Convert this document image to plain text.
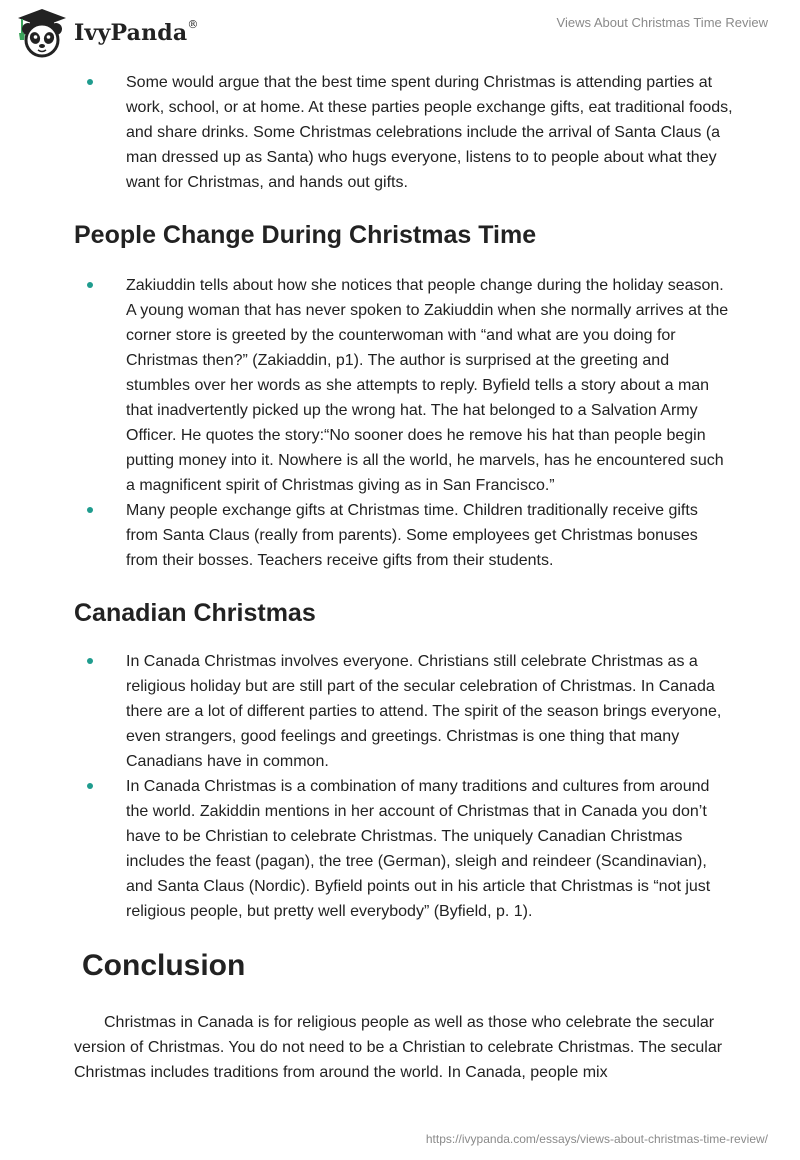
IvyPanda®	Views About Christmas Time Review
Some would argue that the best time spent during Christmas is attending parties at work, school, or at home. At these parties people exchange gifts, eat traditional foods, and share drinks. Some Christmas celebrations include the arrival of Santa Claus (a man dressed up as Santa) who hugs everyone, listens to to people about what they want for Christmas, and hands out gifts.
People Change During Christmas Time
Zakiuddin tells about how she notices that people change during the holiday season. A young woman that has never spoken to Zakiuddin when she normally arrives at the corner store is greeted by the counterwoman with “and what are you doing for Christmas then?” (Zakiaddin, p1). The author is surprised at the greeting and stumbles over her words as she attempts to reply. Byfield tells a story about a man that inadvertently picked up the wrong hat. The hat belonged to a Salvation Army Officer. He quotes the story:“No sooner does he remove his hat than people begin putting money into it. Nowhere is all the world, he marvels, has he encountered such a magnificent spirit of Christmas giving as in San Francisco.”
Many people exchange gifts at Christmas time. Children traditionally receive gifts from Santa Claus (really from parents). Some employees get Christmas bonuses from their bosses. Teachers receive gifts from their students.
Canadian Christmas
In Canada Christmas involves everyone. Christians still celebrate Christmas as a religious holiday but are still part of the secular celebration of Christmas. In Canada there are a lot of different parties to attend. The spirit of the season brings everyone, even strangers, good feelings and greetings. Christmas is one thing that many Canadians have in common.
In Canada Christmas is a combination of many traditions and cultures from around the world. Zakiddin mentions in her account of Christmas that in Canada you don’t have to be Christian to celebrate Christmas. The uniquely Canadian Christmas includes the feast (pagan), the tree (German), sleigh and reindeer (Scandinavian), and Santa Claus (Nordic). Byfield points out in his article that Christmas is “not just religious people, but pretty well everybody” (Byfield, p. 1).
Conclusion

Christmas in Canada is for religious people as well as those who celebrate the secular version of Christmas. You do not need to be a Christian to celebrate Christmas. The secular Christmas includes traditions from around the world. In Canada, people mix

https://ivypanda.com/essays/views-about-christmas-time-review/
